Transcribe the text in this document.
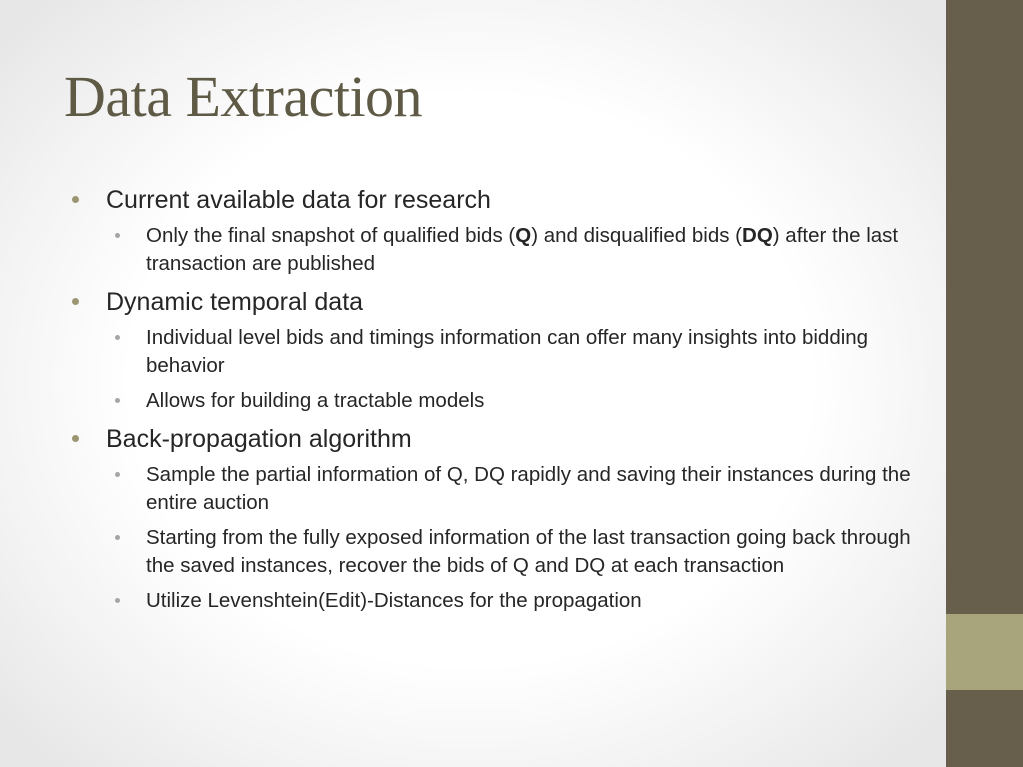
Data Extraction
Current available data for research
Only the final snapshot of qualified bids (Q) and disqualified bids (DQ) after the last transaction are published
Dynamic temporal data
Individual level bids and timings information can offer many insights into bidding behavior
Allows for building a tractable models
Back-propagation algorithm
Sample the partial information of Q, DQ rapidly and saving their instances during the entire auction
Starting from the fully exposed information of the last transaction going back through the saved instances, recover the bids of Q and DQ at each transaction
Utilize Levenshtein(Edit)-Distances for the propagation
